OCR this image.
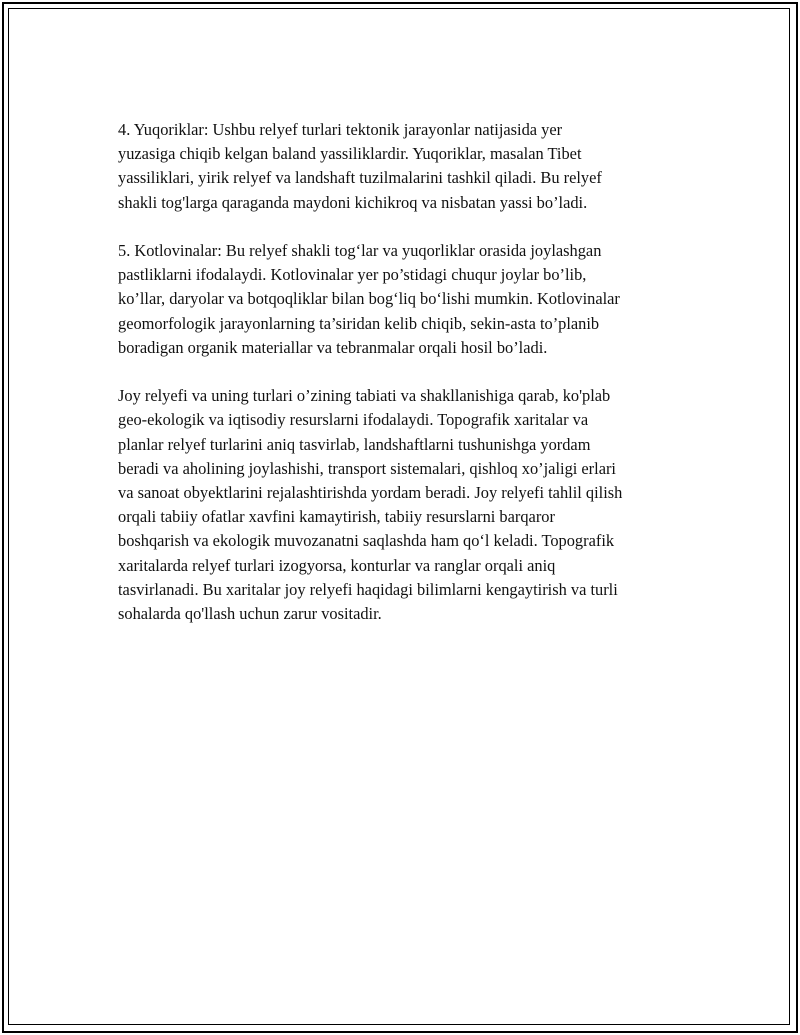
4. Yuqoriklar: Ushbu relyef turlari tektonik jarayonlar natijasida yer
yuzasiga chiqib kelgan baland yassiliklardir. Yuqoriklar, masalan Tibet
yassiliklari, yirik relyef va landshaft tuzilmalarini tashkil qiladi. Bu relyef
shakli tog'larga qaraganda maydoni kichikroq va nisbatan yassi bo’ladi.

5. Kotlovinalar: Bu relyef shakli tog‘lar va yuqorliklar orasida joylashgan
pastliklarni ifodalaydi. Kotlovinalar yer po’stidagi chuqur joylar bo’lib,
ko’llar, daryolar va botqoqliklar bilan bog‘liq bo‘lishi mumkin. Kotlovinalar
geomorfologik jarayonlarning ta’siridan kelib chiqib, sekin-asta to’planib
boradigan organik materiallar va tebranmalar orqali hosil bo’ladi.

Joy relyefi va uning turlari o’zining tabiati va shakllanishiga qarab, ko'plab
geo-ekologik va iqtisodiy resurslarni ifodalaydi. Topografik xaritalar va
planlar relyef turlarini aniq tasvirlab, landshaftlarni tushunishga yordam
beradi va aholining joylashishi, transport sistemalari, qishloq xo’jaligi erlari
va sanoat obyektlarini rejalashtirishda yordam beradi. Joy relyefi tahlil qilish
orqali tabiiy ofatlar xavfini kamaytirish, tabiiy resurslarni barqaror
boshqarish va ekologik muvozanatni saqlashda ham qo‘l keladi. Topografik
xaritalarda relyef turlari izogyorsa, konturlar va ranglar orqali aniq
tasvirlanadi. Bu xaritalar joy relyefi haqidagi bilimlarni kengaytirish va turli
sohalarda qo'llash uchun zarur vositadir.
